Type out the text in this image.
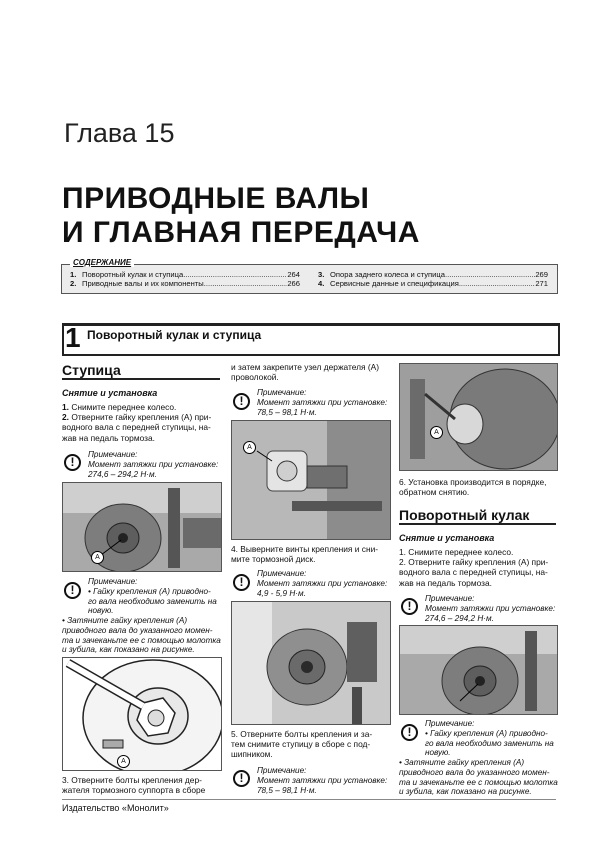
Глава 15
ПРИВОДНЫЕ ВАЛЫ
И ГЛАВНАЯ ПЕРЕДАЧА
СОДЕРЖАНИЕ
1. Поворотный кулак и ступица .....	264
2. Приводные валы и их компоненты .....	266
3. Опора заднего колеса и ступица .....	269
4. Сервисные данные и спецификация .....	271
1 Поворотный кулак и ступица
Ступица
Снятие и установка
1. Снимите переднее колесо.
2. Отверните гайку крепления (А) при-
водного вала с передней ступицы, на-
жав на педаль тормоза.
!
Примечание:
Момент затяжки при установке:
274,6 – 294,2 Н·м.
A
!
Примечание:
• Гайку крепления (А) приводно-
го вала необходимо заменить на
новую.
• Затяните гайку крепления (А)
приводного вала до указанного момен-
та и зачеканьте ее с помощью молотка
и зубила, как показано на рисунке.
A
3. Отверните болты крепления дер-
жателя тормозного суппорта в сборе
и затем закрепите узел держателя (А)
проволокой.
!
Примечание:
Момент затяжки при установке:
78,5 – 98,1 Н·м.
A
4. Выверните винты крепления и сни-
мите тормозной диск.
!
Примечание:
Момент затяжки при установке:
4,9 - 5,9 Н·м.
5. Отверните болты крепления и за-
тем снимите ступицу в сборе с под-
шипником.
!
Примечание:
Момент затяжки при установке:
78,5 – 98,1 Н·м.
A
6. Установка производится в порядке,
обратном снятию.
Поворотный кулак
Снятие и установка
1. Снимите переднее колесо.
2. Отверните гайку крепления (А) при-
водного вала с передней ступицы, на-
жав на педаль тормоза.
!
Примечание:
Момент затяжки при установке:
274,6 – 294,2 Н·м.
!
Примечание:
• Гайку крепления (А) приводно-
го вала необходимо заменить на
новую.
• Затяните гайку крепления (А)
приводного вала до указанного момен-
та и зачеканьте ее с помощью молотка
и зубила, как показано на рисунке.
Издательство «Монолит»
